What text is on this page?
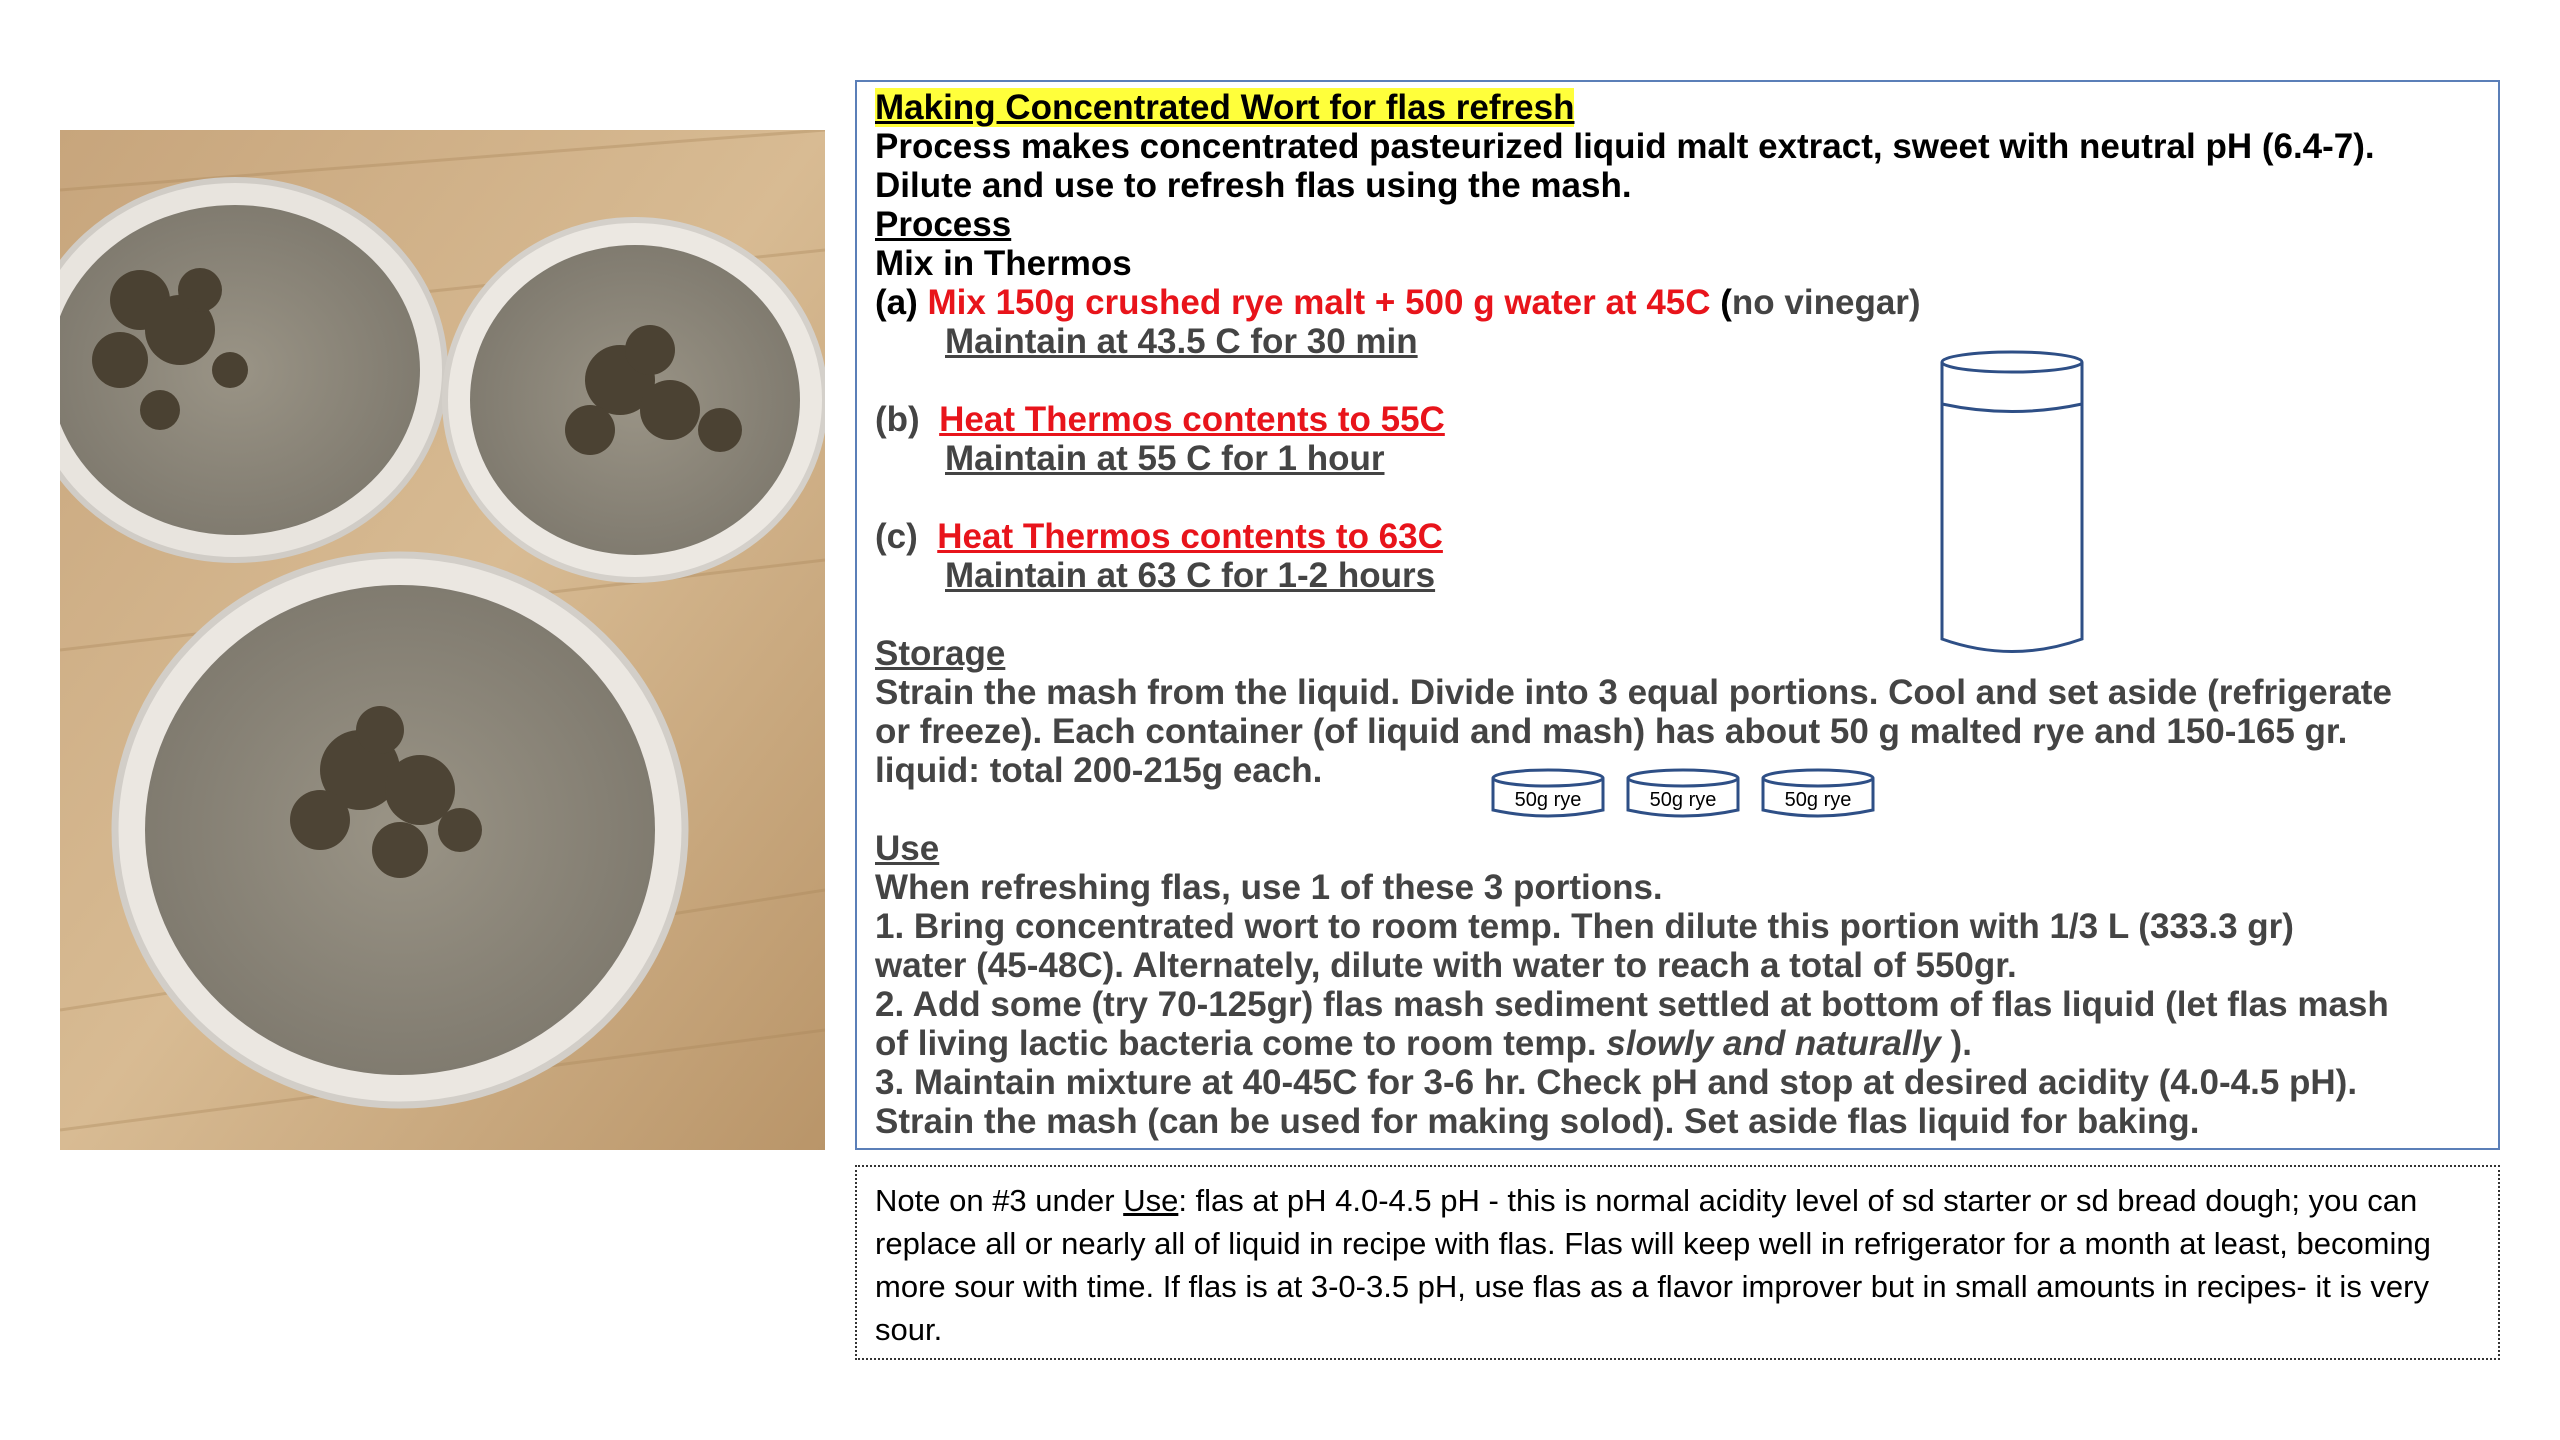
Making Concentrated Wort for flas refresh
Process makes concentrated pasteurized liquid malt extract, sweet with neutral pH (6.4-7).
Dilute and use to refresh flas using the mash.
Process
Mix in Thermos
(a) Mix 150g crushed rye malt + 500 g water at 45C (no vinegar)
Maintain at 43.5 C for 30 min
(b) Heat Thermos contents to 55C
Maintain at 55 C for 1 hour
(c) Heat Thermos contents to 63C
Maintain at 63 C for 1-2 hours
Storage
Strain the mash from the liquid. Divide into 3 equal portions. Cool and set aside (refrigerate
or freeze). Each container (of liquid and mash) has about 50 g malted rye and 150-165 gr.
liquid: total 200-215g each.
Use
When refreshing flas, use 1 of these 3 portions.
1. Bring concentrated wort to room temp. Then dilute this portion with 1/3 L (333.3 gr)
water (45-48C). Alternately, dilute with water to reach a total of 550gr.
2. Add some (try 70-125gr) flas mash sediment settled at bottom of flas liquid (let flas mash
of living lactic bacteria come to room temp. slowly and naturally ).
3. Maintain mixture at 40-45C for 3-6 hr. Check pH and stop at desired acidity (4.0-4.5 pH).
Strain the mash (can be used for making solod). Set aside flas liquid for baking.
50g rye	50g rye	50g rye
Note on #3 under Use: flas at pH 4.0-4.5 pH - this is normal acidity level of sd starter or sd bread dough; you can replace all or nearly all of liquid in recipe with flas. Flas will keep well in refrigerator for a month at least, becoming more sour with time. If flas is at 3-0-3.5 pH, use flas as a flavor improver but in small amounts in recipes- it is very sour.
